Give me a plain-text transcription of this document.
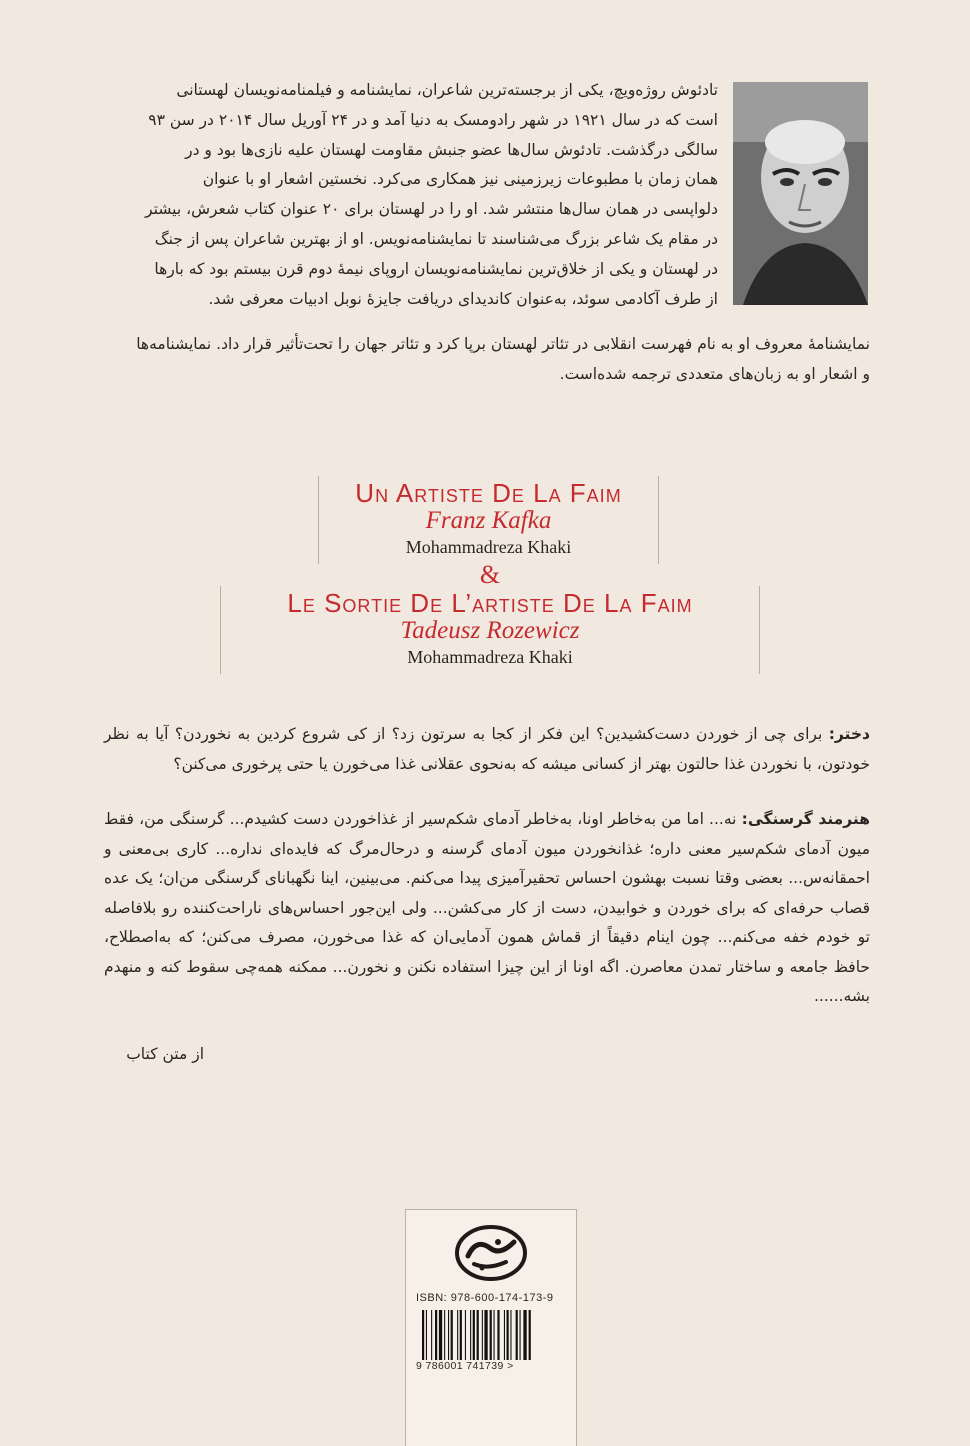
تادئوش روژه‌ویچ، یکی از برجسته‌ترین شاعران، نمایشنامه و فیلمنامه‌نویسان لهستانی

است که در سال ۱۹۲۱ در شهر رادومسک به دنیا آمد و در ۲۴ آوریل سال ۲۰۱۴ در سن ۹۳

سالگی درگذشت. تادئوش سال‌ها عضو جنبش مقاومت لهستان علیه نازی‌ها بود و در

همان زمان با مطبوعات زیرزمینی نیز همکاری می‌کرد. نخستین اشعار او با عنوان

دلواپسی در همان سال‌ها منتشر شد. او را در لهستان برای ۲۰ عنوان کتاب شعرش، بیشتر

در مقام یک شاعر بزرگ می‌شناسند تا نمایشنامه‌نویس. او از بهترین شاعران پس از جنگ

در لهستان و یکی از خلاق‌ترین نمایشنامه‌نویسان اروپای نیمهٔ دوم قرن بیستم بود که بارها

از طرف آکادمی سوئد، به‌عنوان کاندیدای دریافت جایزهٔ نوبل ادبیات معرفی شد.

نمایشنامهٔ معروف او به نام فهرست انقلابی در تئاتر لهستان برپا کرد و تئاتر جهان را تحت‌تأثیر قرار داد. نمایشنامه‌ها

و اشعار او به زبان‌های متعددی ترجمه شده‌است.

Un Artiste De La Faim
Franz Kafka
Mohammadreza Khaki
&
Le Sortie De L’artiste De La Faim
Tadeusz Rozewicz
Mohammadreza Khaki
دختر: برای چی از خوردن دست‌کشیدین؟ این فکر از کجا به سرتون زد؟ از کی شروع کردین به نخوردن؟ آیا به نظر خودتون، با نخوردن غذا حالتون بهتر از کسانی میشه که به‌نحوی عقلانی غذا می‌خورن یا حتی پرخوری می‌کنن؟
هنرمند گرسنگی: نه... اما من به‌خاطر اونا، به‌خاطر آدمای شکم‌سیر از غذاخوردن دست کشیدم... گرسنگی من، فقط میون آدمای شکم‌سیر معنی داره؛ غذانخوردن میون آدمای گرسنه و درحال‌مرگ که فایده‌ای نداره... کاری بی‌معنی و احمقانه‌س... بعضی وقتا نسبت بهشون احساس تحقیرآمیزی پیدا می‌کنم. می‌بینین، اینا نگهبانای گرسنگی من‌ان؛ یک عده قصاب حرفه‌ای که برای خوردن و خوابیدن، دست از کار می‌کشن... ولی این‌جور احساس‌های ناراحت‌کننده رو بلافاصله تو خودم خفه می‌کنم... چون اینام دقیقاً از قماش همون آدمایی‌ان که غذا می‌خورن، مصرف می‌کنن؛ که به‌اصطلاح، حافظ جامعه و ساختار تمدن معاصرن. اگه اونا از این چیزا استفاده نکنن و نخورن... ممکنه همه‌چی سقوط کنه و منهدم بشه......
از متن کتاب
ISBN: 978-600-174-173-9
9 786001 741739 >
